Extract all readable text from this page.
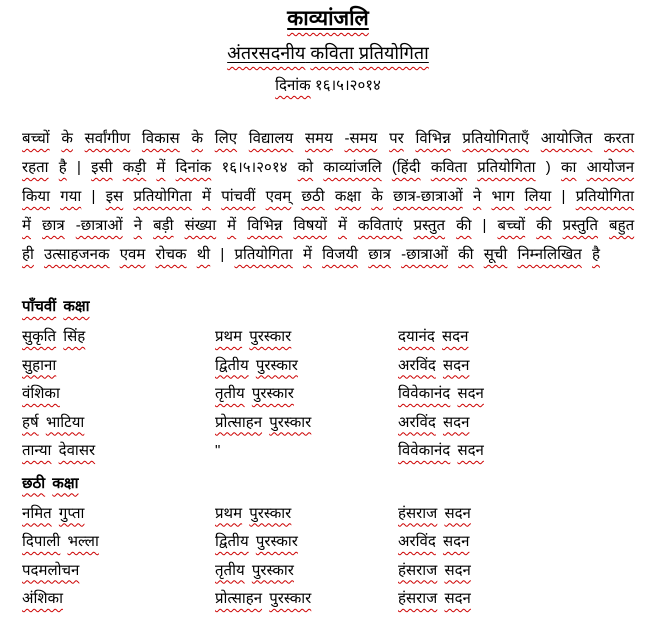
काव्यांजलि
अंतरसदनीय कविता प्रतियोगिता
दिनांक १६।५।२०१४
बच्चों के सर्वांगीण विकास के लिए विद्यालय समय -समय पर विभिन्न प्रतियोगिताएँ आयोजित करता रहता है | इसी कड़ी में दिनांक १६।५।२०१४ को काव्यांजलि (हिंदी कविता प्रतियोगिता ) का आयोजन किया गया | इस प्रतियोगिता में पांचवीं एवम् छठी कक्षा के छात्र-छात्राओं ने भाग लिया | प्रतियोगिता में छात्र -छात्राओं ने बड़ी संख्या में विभिन्न विषयों में कविताएं प्रस्तुत की | बच्चों की प्रस्तुति बहुत ही उत्साहजनक एवम रोचक थी | प्रतियोगिता में विजयी छात्र -छात्राओं की सूची निम्नलिखित है
पाँचवीं कक्षा
सुकृति सिंह	प्रथम पुरस्कार	दयानंद सदन
सुहाना	द्वितीय पुरस्कार	अरविंद सदन
वंशिका	तृतीय पुरस्कार	विवेकानंद सदन
हर्ष भाटिया	प्रोत्साहन पुरस्कार	अरविंद सदन
तान्या देवासर	"	विवेकानंद सदन
छठी कक्षा
नमित गुप्ता	प्रथम पुरस्कार	हंसराज सदन
दिपाली भल्ला	द्वितीय पुरस्कार	अरविंद सदन
पदमलोचन	तृतीय पुरस्कार	हंसराज सदन
अंशिका	प्रोत्साहन पुरस्कार	हंसराज सदन
